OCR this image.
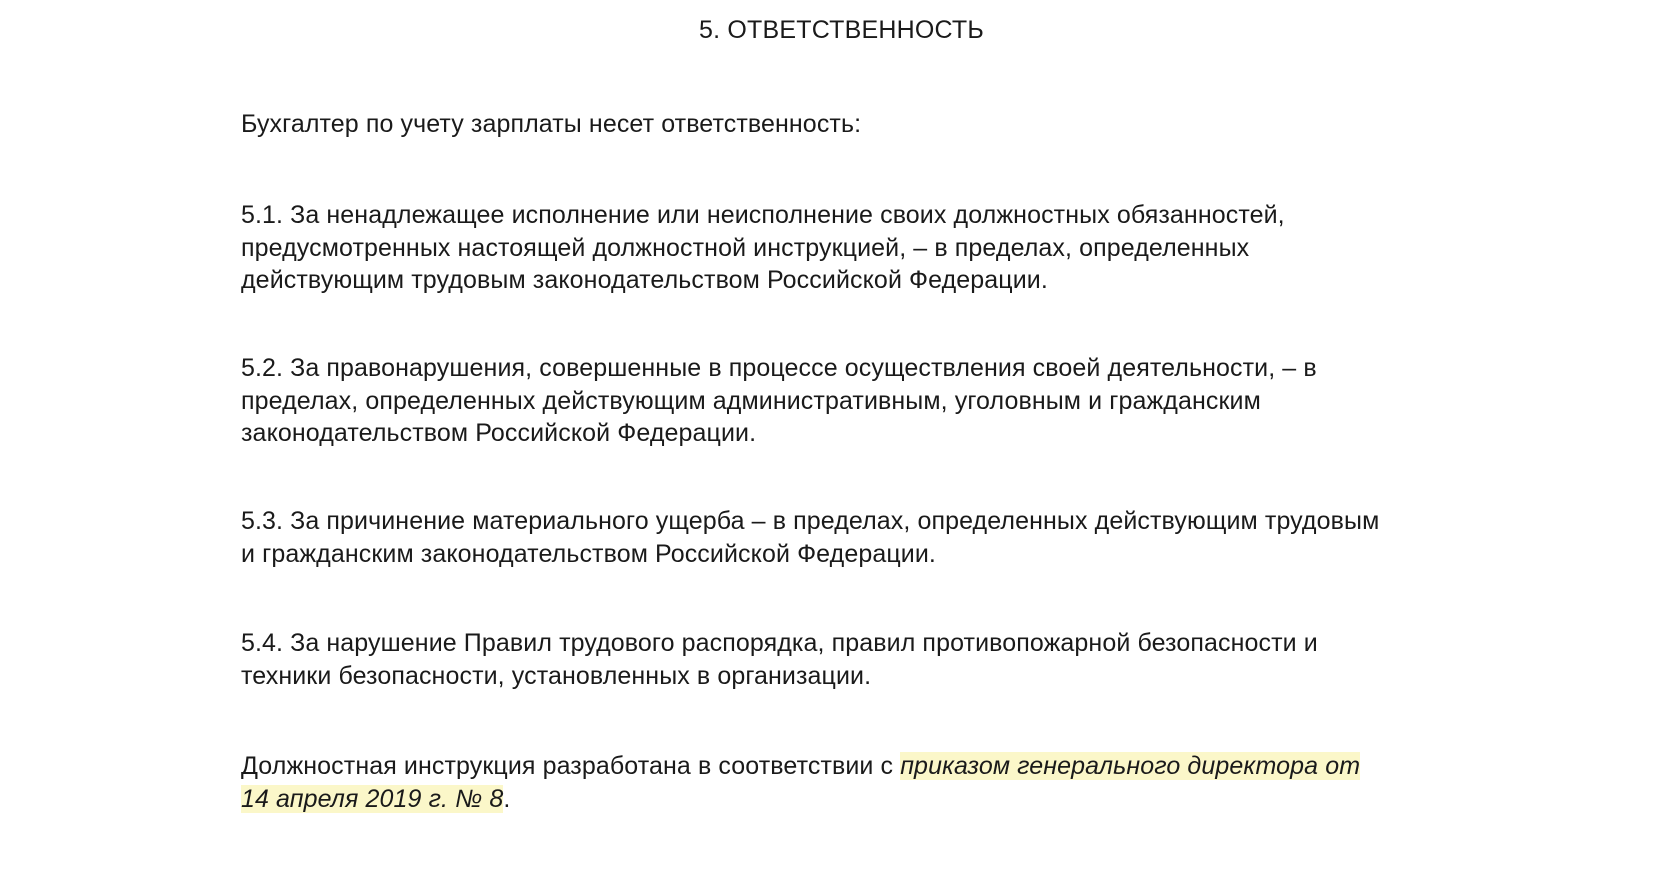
5. ОТВЕТСТВЕННОСТЬ
Бухгалтер по учету зарплаты несет ответственность:
5.1. За ненадлежащее исполнение или неисполнение своих должностных обязанностей,
предусмотренных настоящей должностной инструкцией, – в пределах, определенных
действующим трудовым законодательством Российской Федерации.
5.2. За правонарушения, совершенные в процессе осуществления своей деятельности, – в
пределах, определенных действующим административным, уголовным и гражданским
законодательством Российской Федерации.
5.3. За причинение материального ущерба – в пределах, определенных действующим трудовым
и гражданским законодательством Российской Федерации.
5.4. За нарушение Правил трудового распорядка, правил противопожарной безопасности и
техники безопасности, установленных в организации.
Должностная инструкция разработана в соответствии с приказом генерального директора от
14 апреля 2019 г. № 8.
